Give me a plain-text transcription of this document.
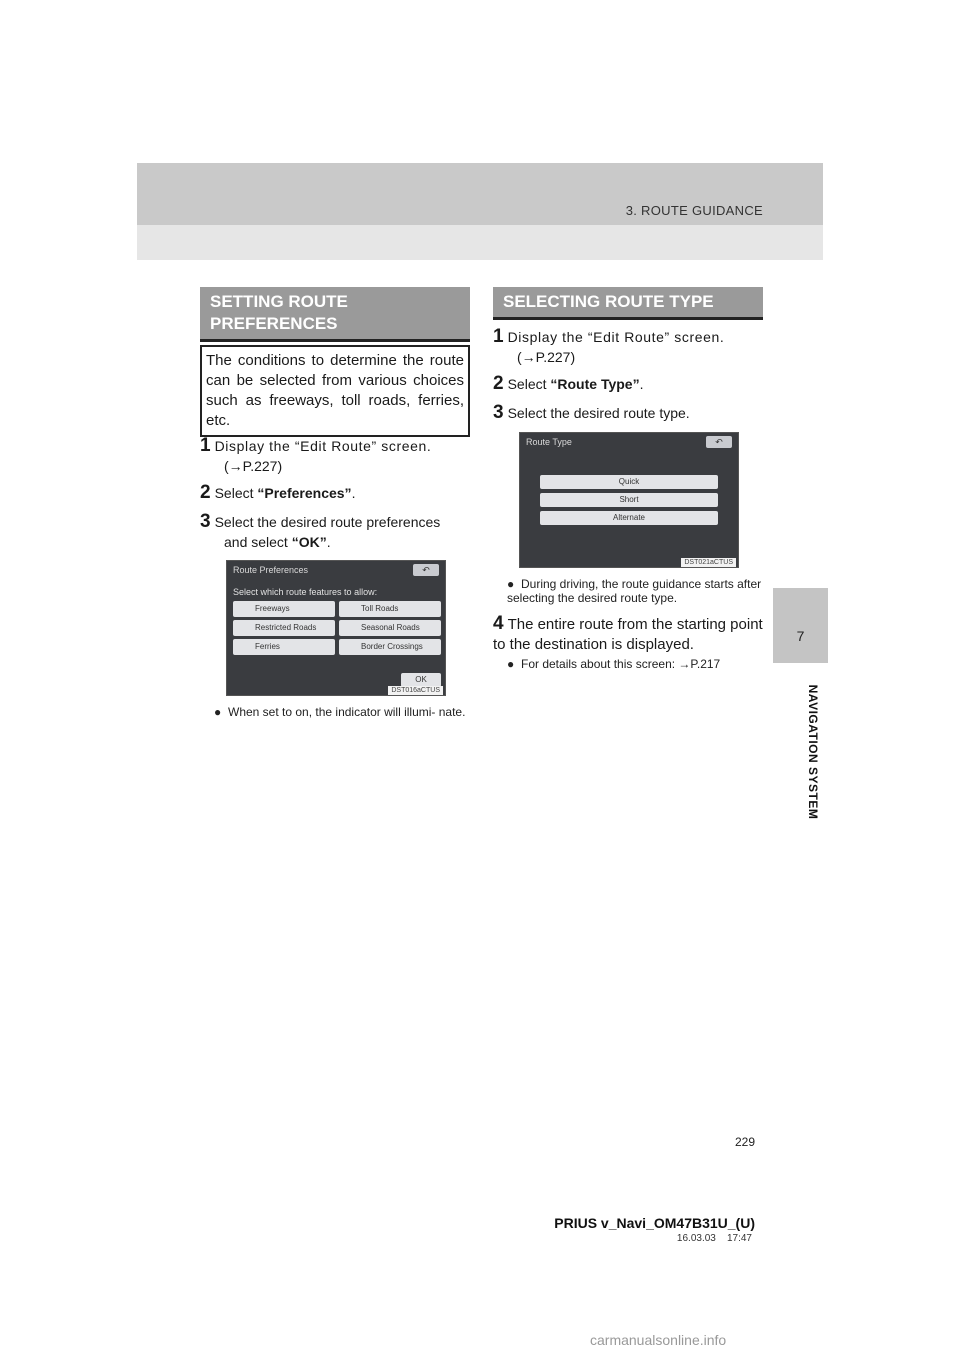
3. ROUTE GUIDANCE
7
NAVIGATION SYSTEM
SETTING ROUTE PREFERENCES
The conditions to determine the route can be selected from various choices such as freeways, toll roads, ferries, etc.
1 Display the “Edit Route” screen.
(→P.227)
2 Select “Preferences”.
3 Select the desired route preferences
and select “OK”.
Route Preferences	↶
Select which route features to allow:
Freeways	Toll Roads
Restricted Roads	Seasonal Roads
Ferries	Border Crossings
OK
DST016aCTUS
● When set to on, the indicator will illumi- nate.
SELECTING ROUTE TYPE
1 Display the “Edit Route” screen.
(→P.227)
2 Select “Route Type”.
3 Select the desired route type.
Route Type	↶
Quick
Short
Alternate
DST021aCTUS
● During driving, the route guidance starts after selecting the desired route type.
4 The entire route from the starting point to the destination is displayed.
● For details about this screen: →P.217
229
PRIUS v_Navi_OM47B31U_(U)
16.03.03    17:47
carmanualsonline.info
